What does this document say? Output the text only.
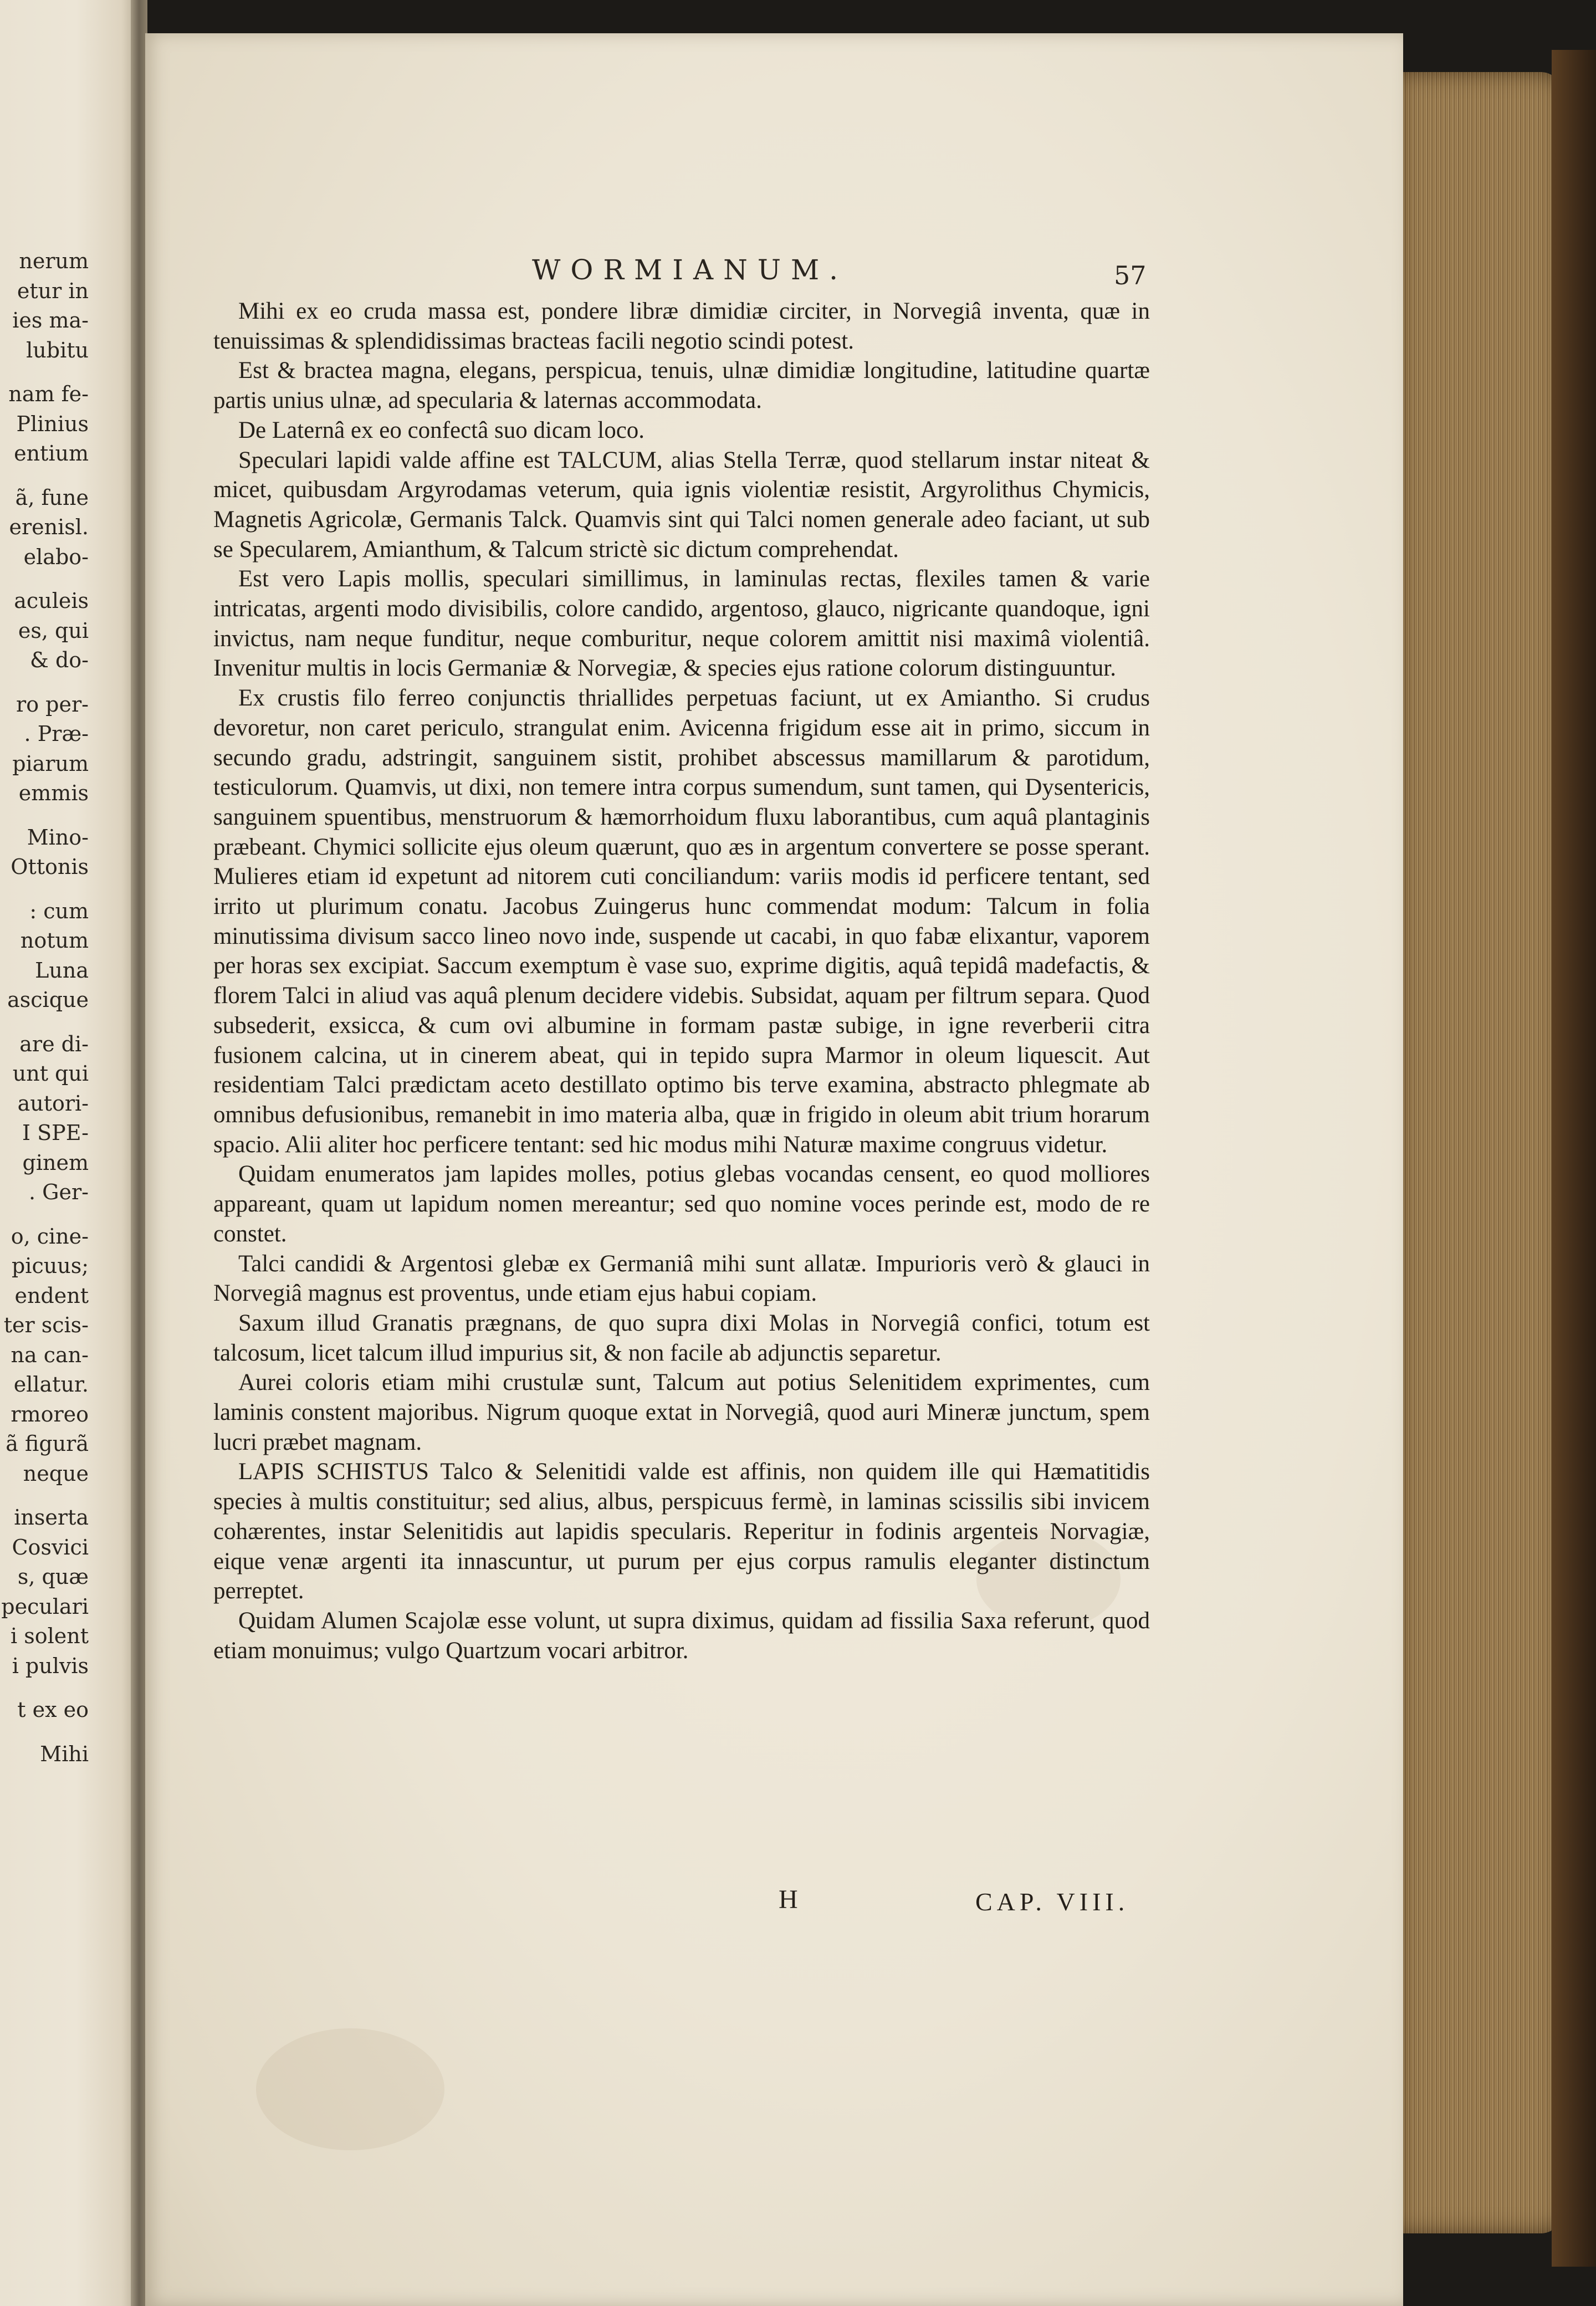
nerum
etur in
ies ma-
lubitu
nam fe-
Plinius
entium
ã, fune
erenisl.
elabo-
aculeis
es, qui
& do-
ro per-
. Præ-
piarum
emmis
Mino-
Ottonis
: cum
notum
Luna
ascique
are di-
unt qui
autori-
I SPE-
ginem
. Ger-
o, cine-
picuus;
endent
ter scis-
na can-
ellatur.
rmoreo
ã figurã
neque
inserta
Cosvici
s, quæ
peculari
i solent
i pulvis
t ex eo
Mihi
WORMIANUM.	57

Mihi ex eo cruda massa est, pondere libræ dimidiæ circiter, in Norvegiâ inventa, quæ in tenuissimas & splendidissimas bracteas facili negotio scindi potest.

Est & bractea magna, elegans, perspicua, tenuis, ulnæ dimidiæ longitudine, latitudine quartæ partis unius ulnæ, ad specularia & laternas accommodata.

De Laternâ ex eo confectâ suo dicam loco.

Speculari lapidi valde affine est TALCUM, alias Stella Terræ, quod stellarum instar niteat & micet, quibusdam Argyrodamas veterum, quia ignis violentiæ resistit, Argyrolithus Chymicis, Magnetis Agricolæ, Germanis Talck. Quamvis sint qui Talci nomen generale adeo faciant, ut sub se Specularem, Amianthum, & Talcum strictè sic dictum comprehendat.

Est vero Lapis mollis, speculari simillimus, in laminulas rectas, flexiles tamen & varie intricatas, argenti modo divisibilis, colore candido, argentoso, glauco, nigricante quandoque, igni invictus, nam neque funditur, neque comburitur, neque colorem amittit nisi maximâ violentiâ. Invenitur multis in locis Germaniæ & Norvegiæ, & species ejus ratione colorum distinguuntur.

Ex crustis filo ferreo conjunctis thriallides perpetuas faciunt, ut ex Amiantho. Si crudus devoretur, non caret periculo, strangulat enim. Avicenna frigidum esse ait in primo, siccum in secundo gradu, adstringit, sanguinem sistit, prohibet abscessus mamillarum & parotidum, testiculorum. Quamvis, ut dixi, non temere intra corpus sumendum, sunt tamen, qui Dysentericis, sanguinem spuentibus, menstruorum & hæmorrhoidum fluxu laborantibus, cum aquâ plantaginis præbeant. Chymici sollicite ejus oleum quærunt, quo æs in argentum convertere se posse sperant. Mulieres etiam id expetunt ad nitorem cuti conciliandum: variis modis id perficere tentant, sed irrito ut plurimum conatu. Jacobus Zuingerus hunc commendat modum: Talcum in folia minutissima divisum sacco lineo novo inde, suspende ut cacabi, in quo fabæ elixantur, vaporem per horas sex excipiat. Saccum exemptum è vase suo, exprime digitis, aquâ tepidâ madefactis, & florem Talci in aliud vas aquâ plenum decidere videbis. Subsidat, aquam per filtrum separa. Quod subsederit, exsicca, & cum ovi albumine in formam pastæ subige, in igne reverberii citra fusionem calcina, ut in cinerem abeat, qui in tepido supra Marmor in oleum liquescit. Aut residentiam Talci prædictam aceto destillato optimo bis terve examina, abstracto phlegmate ab omnibus defusionibus, remanebit in imo materia alba, quæ in frigido in oleum abit trium horarum spacio. Alii aliter hoc perficere tentant: sed hic modus mihi Naturæ maxime congruus videtur.

Quidam enumeratos jam lapides molles, potius glebas vocandas censent, eo quod molliores appareant, quam ut lapidum nomen mereantur; sed quo nomine voces perinde est, modo de re constet.

Talci candidi & Argentosi glebæ ex Germaniâ mihi sunt allatæ. Impurioris verò & glauci in Norvegiâ magnus est proventus, unde etiam ejus habui copiam.

Saxum illud Granatis prægnans, de quo supra dixi Molas in Norvegiâ confici, totum est talcosum, licet talcum illud impurius sit, & non facile ab adjunctis separetur.

Aurei coloris etiam mihi crustulæ sunt, Talcum aut potius Selenitidem exprimentes, cum laminis constent majoribus. Nigrum quoque extat in Norvegiâ, quod auri Mineræ junctum, spem lucri præbet magnam.

LAPIS SCHISTUS Talco & Selenitidi valde est affinis, non quidem ille qui Hæmatitidis species à multis constituitur; sed alius, albus, perspicuus fermè, in laminas scissilis sibi invicem cohærentes, instar Selenitidis aut lapidis specularis. Reperitur in fodinis argenteis Norvagiæ, eique venæ argenti ita innascuntur, ut purum per ejus corpus ramulis eleganter distinctum perreptet.

Quidam Alumen Scajolæ esse volunt, ut supra diximus, quidam ad fissilia Saxa referunt, quod etiam monuimus; vulgo Quartzum vocari arbitror.

H	CAP. VIII.
